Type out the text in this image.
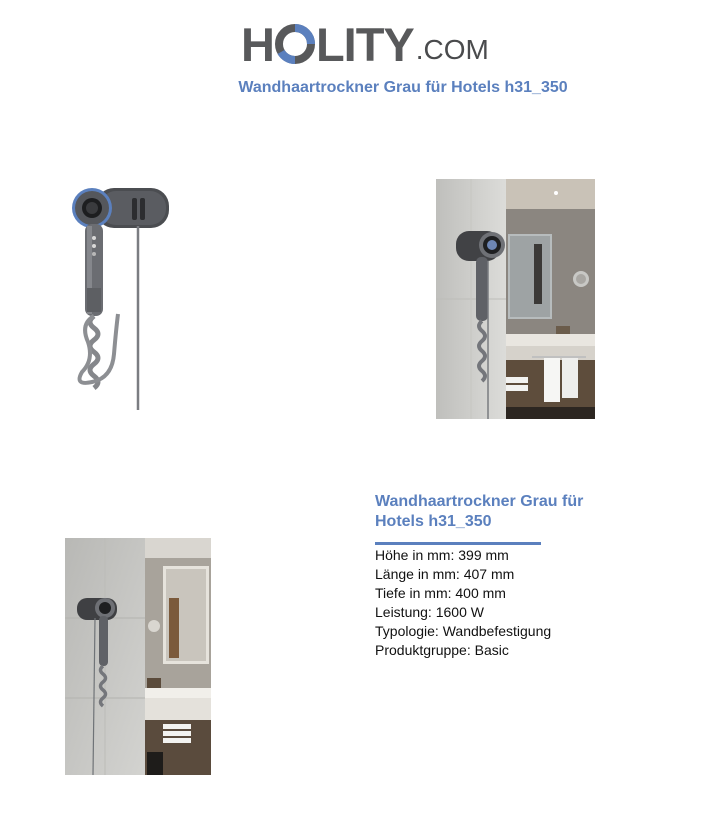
H LITY .COM
Wandhaartrockner Grau für Hotels h31_350
Wandhaartrockner Grau für
Hotels h31_350
Höhe in mm: 399 mm
Länge in mm: 407 mm
Tiefe in mm: 400 mm
Leistung: 1600 W
Typologie: Wandbefestigung
Produktgruppe: Basic
